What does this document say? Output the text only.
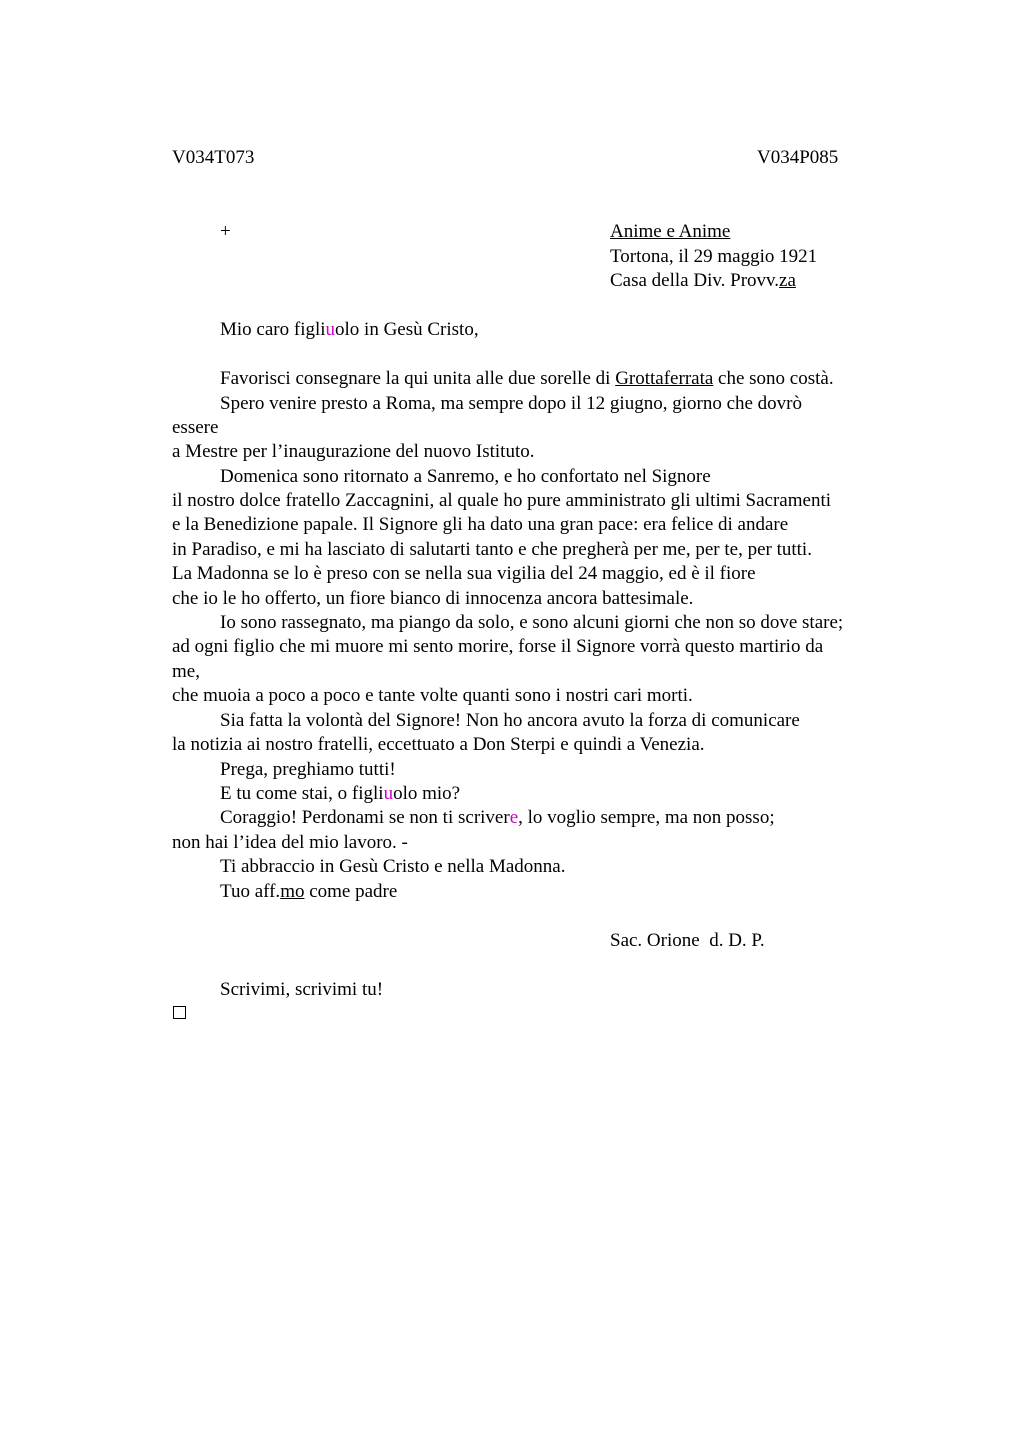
V034T073	V034P085
+	Anime e Anime
Tortona, il 29 maggio 1921
Casa della Div. Provv.za
Mio caro figliuolo in Gesù Cristo,
Favorisci consegnare la qui unita alle due sorelle di Grottaferrata che sono costà.
Spero venire presto a Roma, ma sempre dopo il 12 giugno, giorno che dovrò
essere
a Mestre per l’inaugurazione del nuovo Istituto.
Domenica sono ritornato a Sanremo, e ho confortato nel Signore
il nostro dolce fratello Zaccagnini, al quale ho pure amministrato gli ultimi Sacramenti
e la Benedizione papale. Il Signore gli ha dato una gran pace: era felice di andare
in Paradiso, e mi ha lasciato di salutarti tanto e che pregherà per me, per te, per tutti.
La Madonna se lo è preso con se nella sua vigilia del 24 maggio, ed è il fiore
che io le ho offerto, un fiore bianco di innocenza ancora battesimale.
Io sono rassegnato, ma piango da solo, e sono alcuni giorni che non so dove stare;
ad ogni figlio che mi muore mi sento morire, forse il Signore vorrà questo martirio da
me,
che muoia a poco a poco e tante volte quanti sono i nostri cari morti.
Sia fatta la volontà del Signore! Non ho ancora avuto la forza di comunicare
la notizia ai nostro fratelli, eccettuato a Don Sterpi e quindi a Venezia.
Prega, preghiamo tutti!
E tu come stai, o figliuolo mio?
Coraggio! Perdonami se non ti scrivere, lo voglio sempre, ma non posso;
non hai l’idea del mio lavoro. -
Ti abbraccio in Gesù Cristo e nella Madonna.
Tuo aff.mo come padre
Sac. Orione  d. D. P.
Scrivimi, scrivimi tu!
